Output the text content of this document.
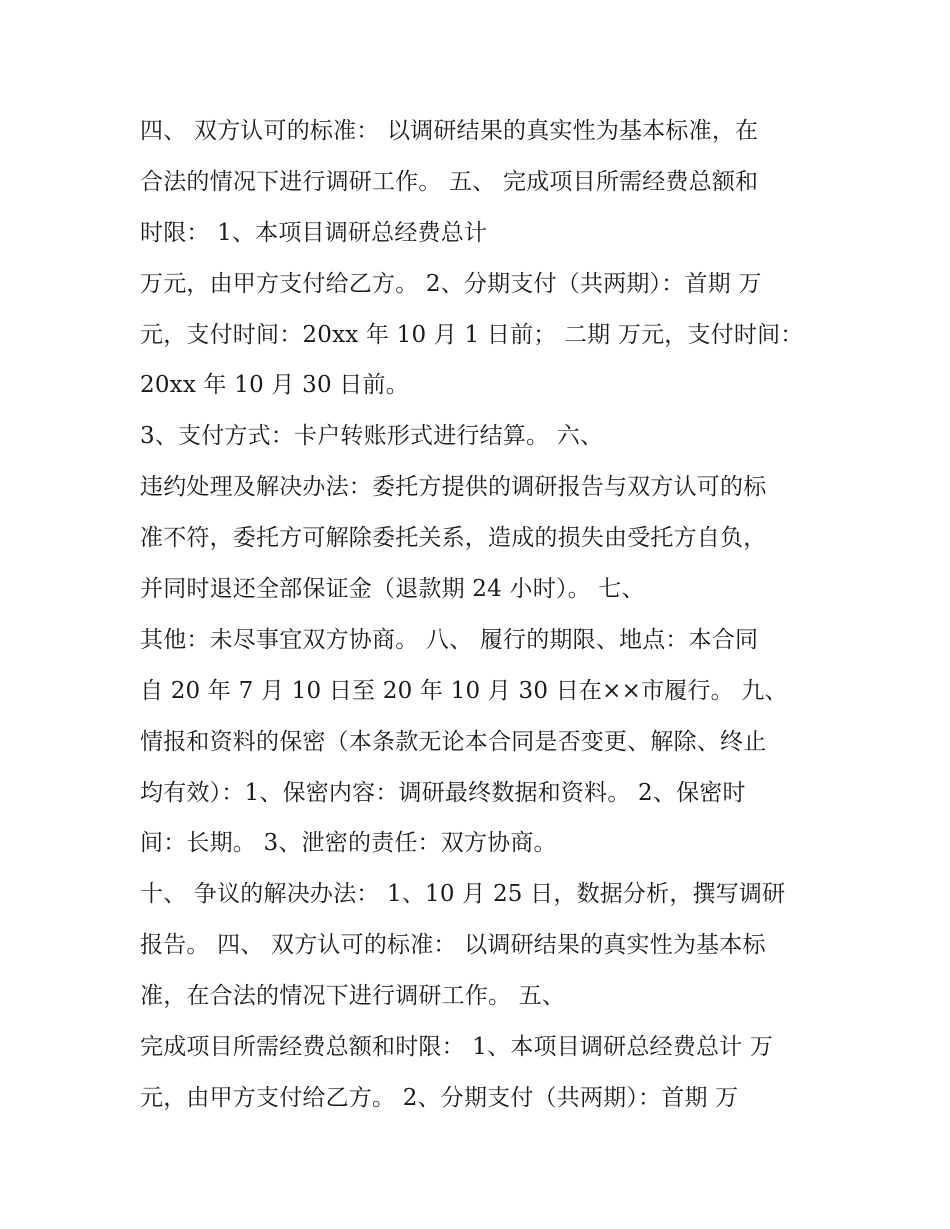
四、 双方认可的标准： 以调研结果的真实性为基本标准，在
合法的情况下进行调研工作。 五、 完成项目所需经费总额和
时限： 1、本项目调研总经费总计
万元，由甲方支付给乙方。 2、分期支付（共两期）：首期 万
元，支付时间：20xx 年 10 月 1 日前； 二期 万元，支付时间：
20xx 年 10 月 30 日前。
3、支付方式：卡户转账形式进行结算。 六、
违约处理及解决办法：委托方提供的调研报告与双方认可的标
准不符，委托方可解除委托关系，造成的损失由受托方自负，
并同时退还全部保证金（退款期 24 小时）。 七、
其他：未尽事宜双方协商。 八、 履行的期限、地点：本合同
自 20 年 7 月 10 日至 20 年 10 月 30 日在××市履行。 九、
情报和资料的保密（本条款无论本合同是否变更、解除、终止
均有效）：1、保密内容：调研最终数据和资料。 2、保密时
间：长期。 3、泄密的责任：双方协商。
十、 争议的解决办法： 1、10 月 25 日，数据分析，撰写调研
报告。 四、 双方认可的标准： 以调研结果的真实性为基本标
准，在合法的情况下进行调研工作。 五、
完成项目所需经费总额和时限： 1、本项目调研总经费总计 万
元，由甲方支付给乙方。 2、分期支付（共两期）：首期 万
